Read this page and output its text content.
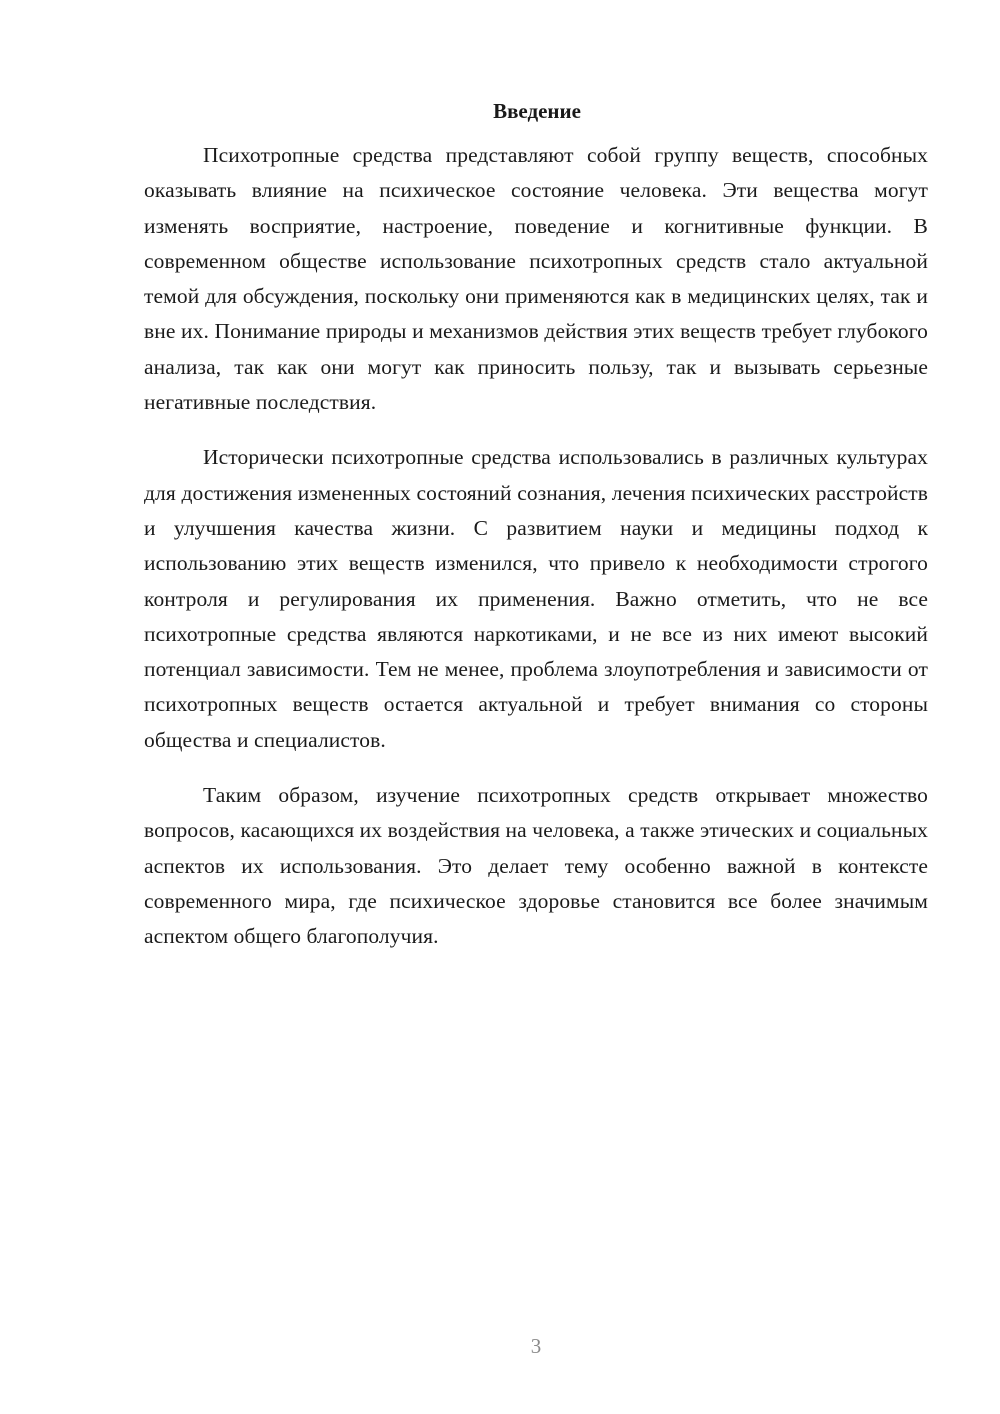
Введение

Психотропные средства представляют собой группу веществ, способных оказывать влияние на психическое состояние человека. Эти вещества могут изменять восприятие, настроение, поведение и когнитивные функции. В современном обществе использование психотропных средств стало актуальной темой для обсуждения, поскольку они применяются как в медицинских целях, так и вне их. Понимание природы и механизмов действия этих веществ требует глубокого анализа, так как они могут как приносить пользу, так и вызывать серьезные негативные последствия.

Исторически психотропные средства использовались в различных культурах для достижения измененных состояний сознания, лечения психических расстройств и улучшения качества жизни. С развитием науки и медицины подход к использованию этих веществ изменился, что привело к необходимости строгого контроля и регулирования их применения. Важно отметить, что не все психотропные средства являются наркотиками, и не все из них имеют высокий потенциал зависимости. Тем не менее, проблема злоупотребления и зависимости от психотропных веществ остается актуальной и требует внимания со стороны общества и специалистов.

Таким образом, изучение психотропных средств открывает множество вопросов, касающихся их воздействия на человека, а также этических и социальных аспектов их использования. Это делает тему особенно важной в контексте современного мира, где психическое здоровье становится все более значимым аспектом общего благополучия.

3
